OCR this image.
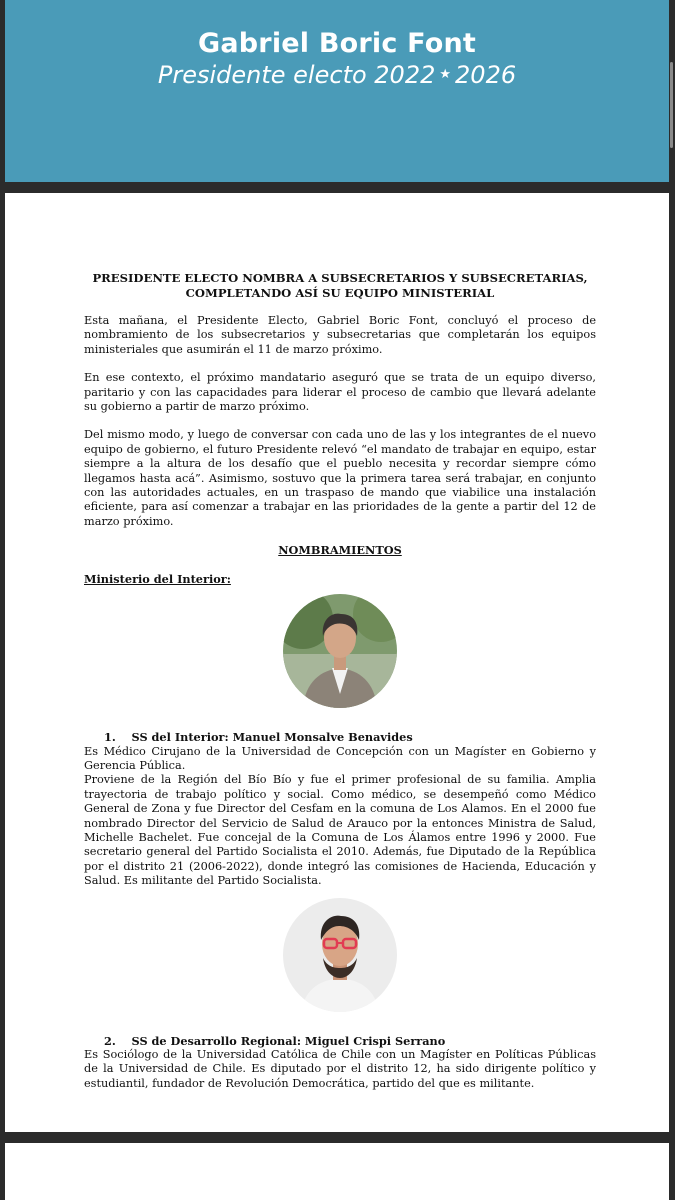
Gabriel Boric Font
Presidente electo 2022 ★ 2026
PRESIDENTE ELECTO NOMBRA A SUBSECRETARIOS Y SUBSECRETARIAS,
COMPLETANDO ASÍ SU EQUIPO MINISTERIAL

Esta mañana, el Presidente Electo, Gabriel Boric Font, concluyó el proceso de nombramiento de los subsecretarios y subsecretarias que completarán los equipos ministeriales que asumirán el 11 de marzo próximo.

En ese contexto, el próximo mandatario aseguró que se trata de un equipo diverso, paritario y con las capacidades para liderar el proceso de cambio que llevará adelante su gobierno a partir de marzo próximo.

Del mismo modo, y luego de conversar con cada uno de las y los integrantes de el nuevo equipo de gobierno, el futuro Presidente relevó “el mandato de trabajar en equipo, estar siempre a la altura de los desafío que el pueblo necesita y recordar siempre cómo llegamos hasta acá”. Asimismo, sostuvo que la primera tarea será trabajar, en conjunto con las autoridades actuales, en un traspaso de mando que viabilice una instalación eficiente, para así comenzar a trabajar en las prioridades de la gente a partir del 12 de marzo próximo.

NOMBRAMIENTOS
Ministerio del Interior:
1. SS del Interior: Manuel Monsalve Benavides
Es Médico Cirujano de la Universidad de Concepción con un Magíster en Gobierno y Gerencia Pública.
Proviene de la Región del Bío Bío y fue el primer profesional de su familia. Amplia trayectoria de trabajo político y social. Como médico, se desempeñó como Médico General de Zona y fue Director del Cesfam en la comuna de Los Alamos. En el 2000 fue nombrado Director del Servicio de Salud de Arauco por la entonces Ministra de Salud, Michelle Bachelet. Fue concejal de la Comuna de Los Álamos entre 1996 y 2000. Fue secretario general del Partido Socialista el 2010. Además, fue Diputado de la República por el distrito 21 (2006-2022), donde integró las comisiones de Hacienda, Educación y Salud. Es militante del Partido Socialista.
2. SS de Desarrollo Regional: Miguel Crispi Serrano
Es Sociólogo de la Universidad Católica de Chile con un Magíster en Políticas Públicas de la Universidad de Chile. Es diputado por el distrito 12, ha sido dirigente político y estudiantil, fundador de Revolución Democrática, partido del que es militante.
